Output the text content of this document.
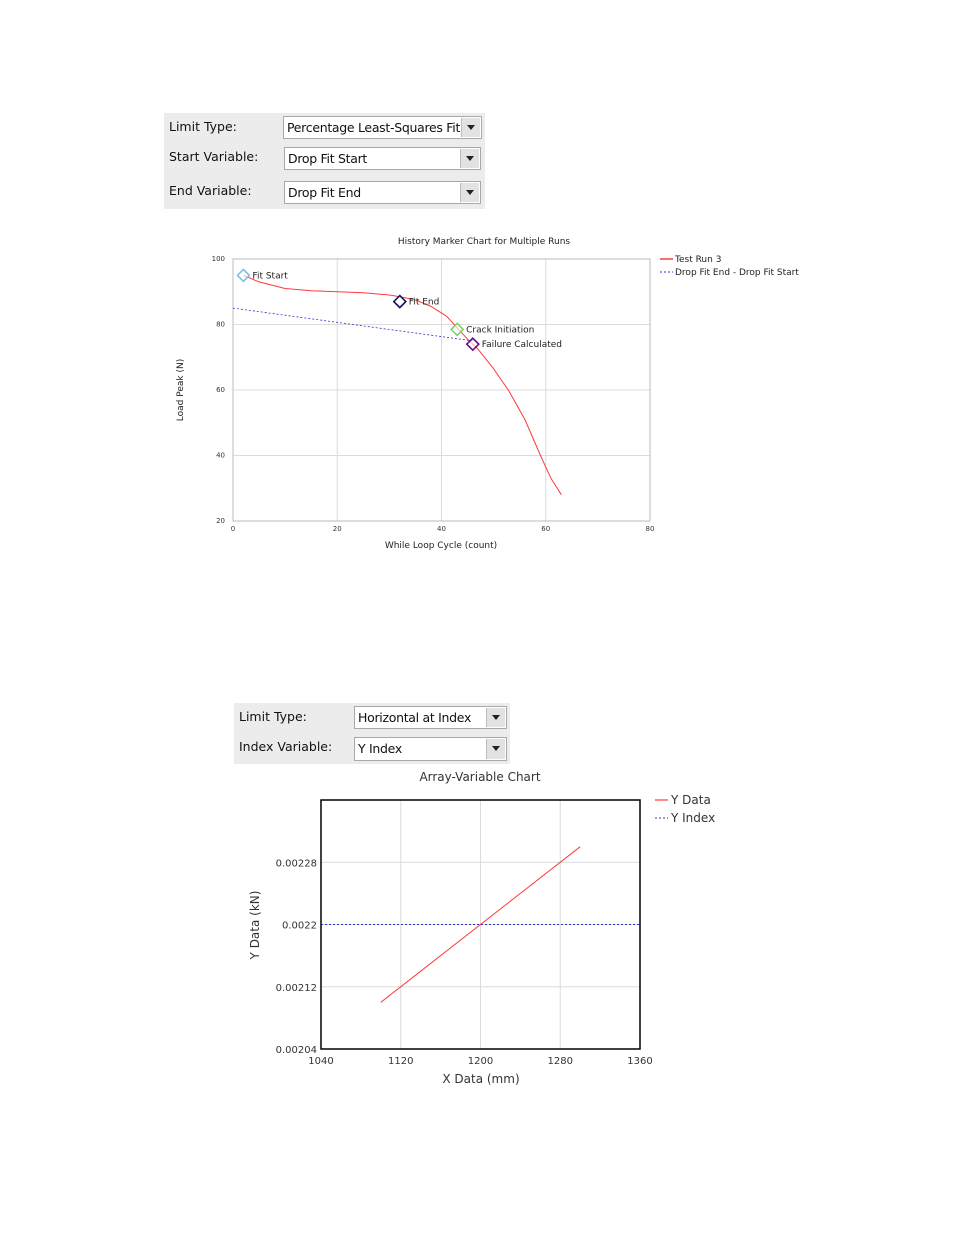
Limit Type:	Percentage Least-Squares Fit
Start Variable: Drop Fit Start
End Variable:	Drop Fit End
Limit Type:	Horizontal at Index
Index Variable: Y Index
History Marker Chart for Multiple Runs
0	20	40	60	80
20
40
60
80
100
Fit Start
Fit End
Crack Initiation
Failure Calculated
While Loop Cycle (count)
Load Peak (N)
Test Run 3
Drop Fit End - Drop Fit Start
Array-Variable Chart
1040	1120	1200	1280	1360
0.00204
0.00212
0.0022
0.00228
X Data (mm)
Y Data (kN)
Y Data
Y Index
